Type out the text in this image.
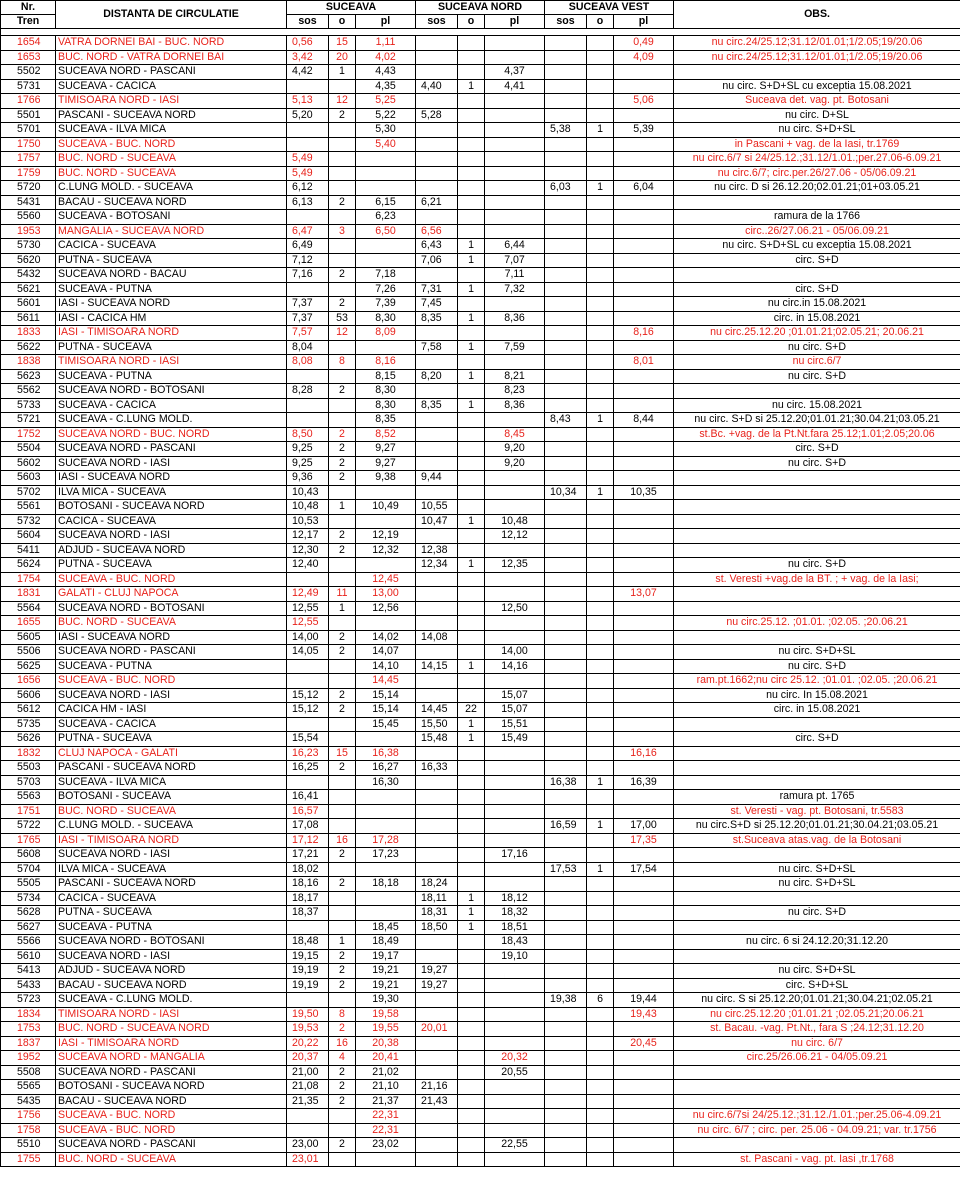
Nr.	DISTANTA DE CIRCULATIE	SUCEAVA			SUCEAVA NORD			SUCEAVA VEST			OBS.
Tren		sos	o	pl	sos	o	pl	sos	o	pl	

1654	VATRA DORNEI BAI - BUC. NORD	0,56	15	1,11						0,49	nu circ.24/25.12;31.12/01.01;1/2.05;19/20.06
1653	BUC. NORD - VATRA DORNEI BAI	3,42	20	4,02						4,09	nu circ.24/25.12;31.12/01.01;1/2.05;19/20.06
5502	SUCEAVA NORD - PASCANI	4,42	1	4,43			4,37				
5731	SUCEAVA - CACICA			4,35	4,40	1	4,41				nu circ. S+D+SL cu exceptia 15.08.2021
1766	TIMISOARA NORD - IASI	5,13	12	5,25						5,06	Suceava det. vag. pt. Botosani
5501	PASCANI - SUCEAVA NORD	5,20	2	5,22	5,28						nu circ. D+SL
5701	SUCEAVA - ILVA MICA			5,30				5,38	1	5,39	nu circ. S+D+SL
1750	SUCEAVA - BUC. NORD			5,40							in Pascani + vag. de la Iasi, tr.1769
1757	BUC. NORD - SUCEAVA	5,49									nu circ.6/7 si 24/25.12.;31.12/1.01.;per.27.06-6.09.21
1759	BUC. NORD - SUCEAVA	5,49									nu circ.6/7; circ.per.26/27.06 - 05/06.09.21
5720	C.LUNG MOLD. - SUCEAVA	6,12						6,03	1	6,04	nu circ. D si 26.12.20;02.01.21;01+03.05.21
5431	BACAU - SUCEAVA NORD	6,13	2	6,15	6,21						
5560	SUCEAVA - BOTOSANI			6,23							ramura de la 1766
1953	MANGALIA - SUCEAVA NORD	6,47	3	6,50	6,56						circ..26/27.06.21 - 05/06.09.21
5730	CACICA - SUCEAVA	6,49			6,43	1	6,44				nu circ. S+D+SL cu exceptia 15.08.2021
5620	PUTNA - SUCEAVA	7,12			7,06	1	7,07				circ. S+D
5432	SUCEAVA NORD - BACAU	7,16	2	7,18			7,11				
5621	SUCEAVA - PUTNA			7,26	7,31	1	7,32				circ. S+D
5601	IASI - SUCEAVA NORD	7,37	2	7,39	7,45						nu circ.in 15.08.2021
5611	IASI - CACICA HM	7,37	53	8,30	8,35	1	8,36				circ. in 15.08.2021
1833	IASI - TIMISOARA NORD	7,57	12	8,09						8,16	nu circ.25.12.20 ;01.01.21;02.05.21; 20.06.21
5622	PUTNA - SUCEAVA	8,04			7,58	1	7,59				nu circ. S+D
1838	TIMISOARA NORD - IASI	8,08	8	8,16						8,01	nu circ.6/7
5623	SUCEAVA - PUTNA			8,15	8,20	1	8,21				nu circ. S+D
5562	SUCEAVA NORD - BOTOSANI	8,28	2	8,30			8,23				
5733	SUCEAVA - CACICA			8,30	8,35	1	8,36				nu circ. 15.08.2021
5721	SUCEAVA - C.LUNG MOLD.			8,35				8,43	1	8,44	nu circ. S+D si 25.12.20;01.01.21;30.04.21;03.05.21
1752	SUCEAVA NORD - BUC. NORD	8,50	2	8,52			8,45				st.Bc. +vag. de la Pt.Nt.fara 25.12;1.01;2.05;20.06
5504	SUCEAVA NORD - PASCANI	9,25	2	9,27			9,20				circ. S+D
5602	SUCEAVA NORD - IASI	9,25	2	9,27			9,20				nu circ. S+D
5603	IASI - SUCEAVA NORD	9,36	2	9,38	9,44						
5702	ILVA MICA - SUCEAVA	10,43						10,34	1	10,35	
5561	BOTOSANI - SUCEAVA NORD	10,48	1	10,49	10,55						
5732	CACICA - SUCEAVA	10,53			10,47	1	10,48				
5604	SUCEAVA NORD - IASI	12,17	2	12,19			12,12				
5411	ADJUD - SUCEAVA NORD	12,30	2	12,32	12,38						
5624	PUTNA - SUCEAVA	12,40			12,34	1	12,35				nu circ. S+D
1754	SUCEAVA - BUC. NORD			12,45							st. Veresti +vag.de la BT. ; + vag. de la Iasi;
1831	GALATI - CLUJ NAPOCA	12,49	11	13,00						13,07	
5564	SUCEAVA NORD - BOTOSANI	12,55	1	12,56			12,50				
1655	BUC. NORD - SUCEAVA	12,55									nu circ.25.12. ;01.01. ;02.05. ;20.06.21
5605	IASI - SUCEAVA NORD	14,00	2	14,02	14,08						
5506	SUCEAVA NORD - PASCANI	14,05	2	14,07			14,00				nu circ. S+D+SL
5625	SUCEAVA - PUTNA			14,10	14,15	1	14,16				nu circ. S+D
1656	SUCEAVA - BUC. NORD			14,45							ram.pt.1662;nu circ 25.12. ;01.01. ;02.05. ;20.06.21
5606	SUCEAVA NORD - IASI	15,12	2	15,14			15,07				nu circ. In 15.08.2021
5612	CACICA HM - IASI	15,12	2	15,14	14,45	22	15,07				circ. in 15.08.2021
5735	SUCEAVA - CACICA			15,45	15,50	1	15,51				
5626	PUTNA - SUCEAVA	15,54			15,48	1	15,49				circ. S+D
1832	CLUJ NAPOCA - GALATI	16,23	15	16,38						16,16	
5503	PASCANI - SUCEAVA NORD	16,25	2	16,27	16,33						
5703	SUCEAVA - ILVA MICA			16,30				16,38	1	16,39	
5563	BOTOSANI - SUCEAVA	16,41									ramura pt. 1765
1751	BUC. NORD - SUCEAVA	16,57									st. Veresti - vag. pt. Botosani, tr.5583
5722	C.LUNG MOLD. - SUCEAVA	17,08						16,59	1	17,00	nu circ.S+D si 25.12.20;01.01.21;30.04.21;03.05.21
1765	IASI - TIMISOARA NORD	17,12	16	17,28						17,35	st.Suceava atas.vag. de la Botosani
5608	SUCEAVA NORD - IASI	17,21	2	17,23			17,16				
5704	ILVA MICA - SUCEAVA	18,02						17,53	1	17,54	nu circ. S+D+SL
5505	PASCANI - SUCEAVA NORD	18,16	2	18,18	18,24						nu circ. S+D+SL
5734	CACICA - SUCEAVA	18,17			18,11	1	18,12				
5628	PUTNA - SUCEAVA	18,37			18,31	1	18,32				nu circ. S+D
5627	SUCEAVA - PUTNA			18,45	18,50	1	18,51				
5566	SUCEAVA NORD - BOTOSANI	18,48	1	18,49			18,43				nu circ. 6 si 24.12.20;31.12.20
5610	SUCEAVA NORD - IASI	19,15	2	19,17			19,10				
5413	ADJUD - SUCEAVA NORD	19,19	2	19,21	19,27						nu circ. S+D+SL
5433	BACAU - SUCEAVA NORD	19,19	2	19,21	19,27						circ. S+D+SL
5723	SUCEAVA - C.LUNG MOLD.			19,30				19,38	6	19,44	nu circ. S si 25.12.20;01.01.21;30.04.21;02.05.21
1834	TIMISOARA NORD - IASI	19,50	8	19,58						19,43	nu circ.25.12.20 ;01.01.21 ;02.05.21;20.06.21
1753	BUC. NORD - SUCEAVA NORD	19,53	2	19,55	20,01						st. Bacau. -vag. Pt.Nt., fara S ;24.12;31.12.20
1837	IASI - TIMISOARA NORD	20,22	16	20,38						20,45	nu circ. 6/7
1952	SUCEAVA NORD - MANGALIA	20,37	4	20,41			20,32				circ.25/26.06.21 - 04/05.09.21
5508	SUCEAVA NORD - PASCANI	21,00	2	21,02			20,55				
5565	BOTOSANI - SUCEAVA NORD	21,08	2	21,10	21,16						
5435	BACAU - SUCEAVA NORD	21,35	2	21,37	21,43						
1756	SUCEAVA - BUC. NORD			22,31							nu circ.6/7si 24/25.12.;31.12./1.01.;per.25.06-4.09.21
1758	SUCEAVA - BUC. NORD			22,31							nu circ. 6/7 ; circ. per. 25.06 - 04.09.21; var. tr.1756
5510	SUCEAVA NORD - PASCANI	23,00	2	23,02			22,55				
1755	BUC. NORD - SUCEAVA	23,01									st. Pascani - vag. pt. Iasi ,tr.1768
